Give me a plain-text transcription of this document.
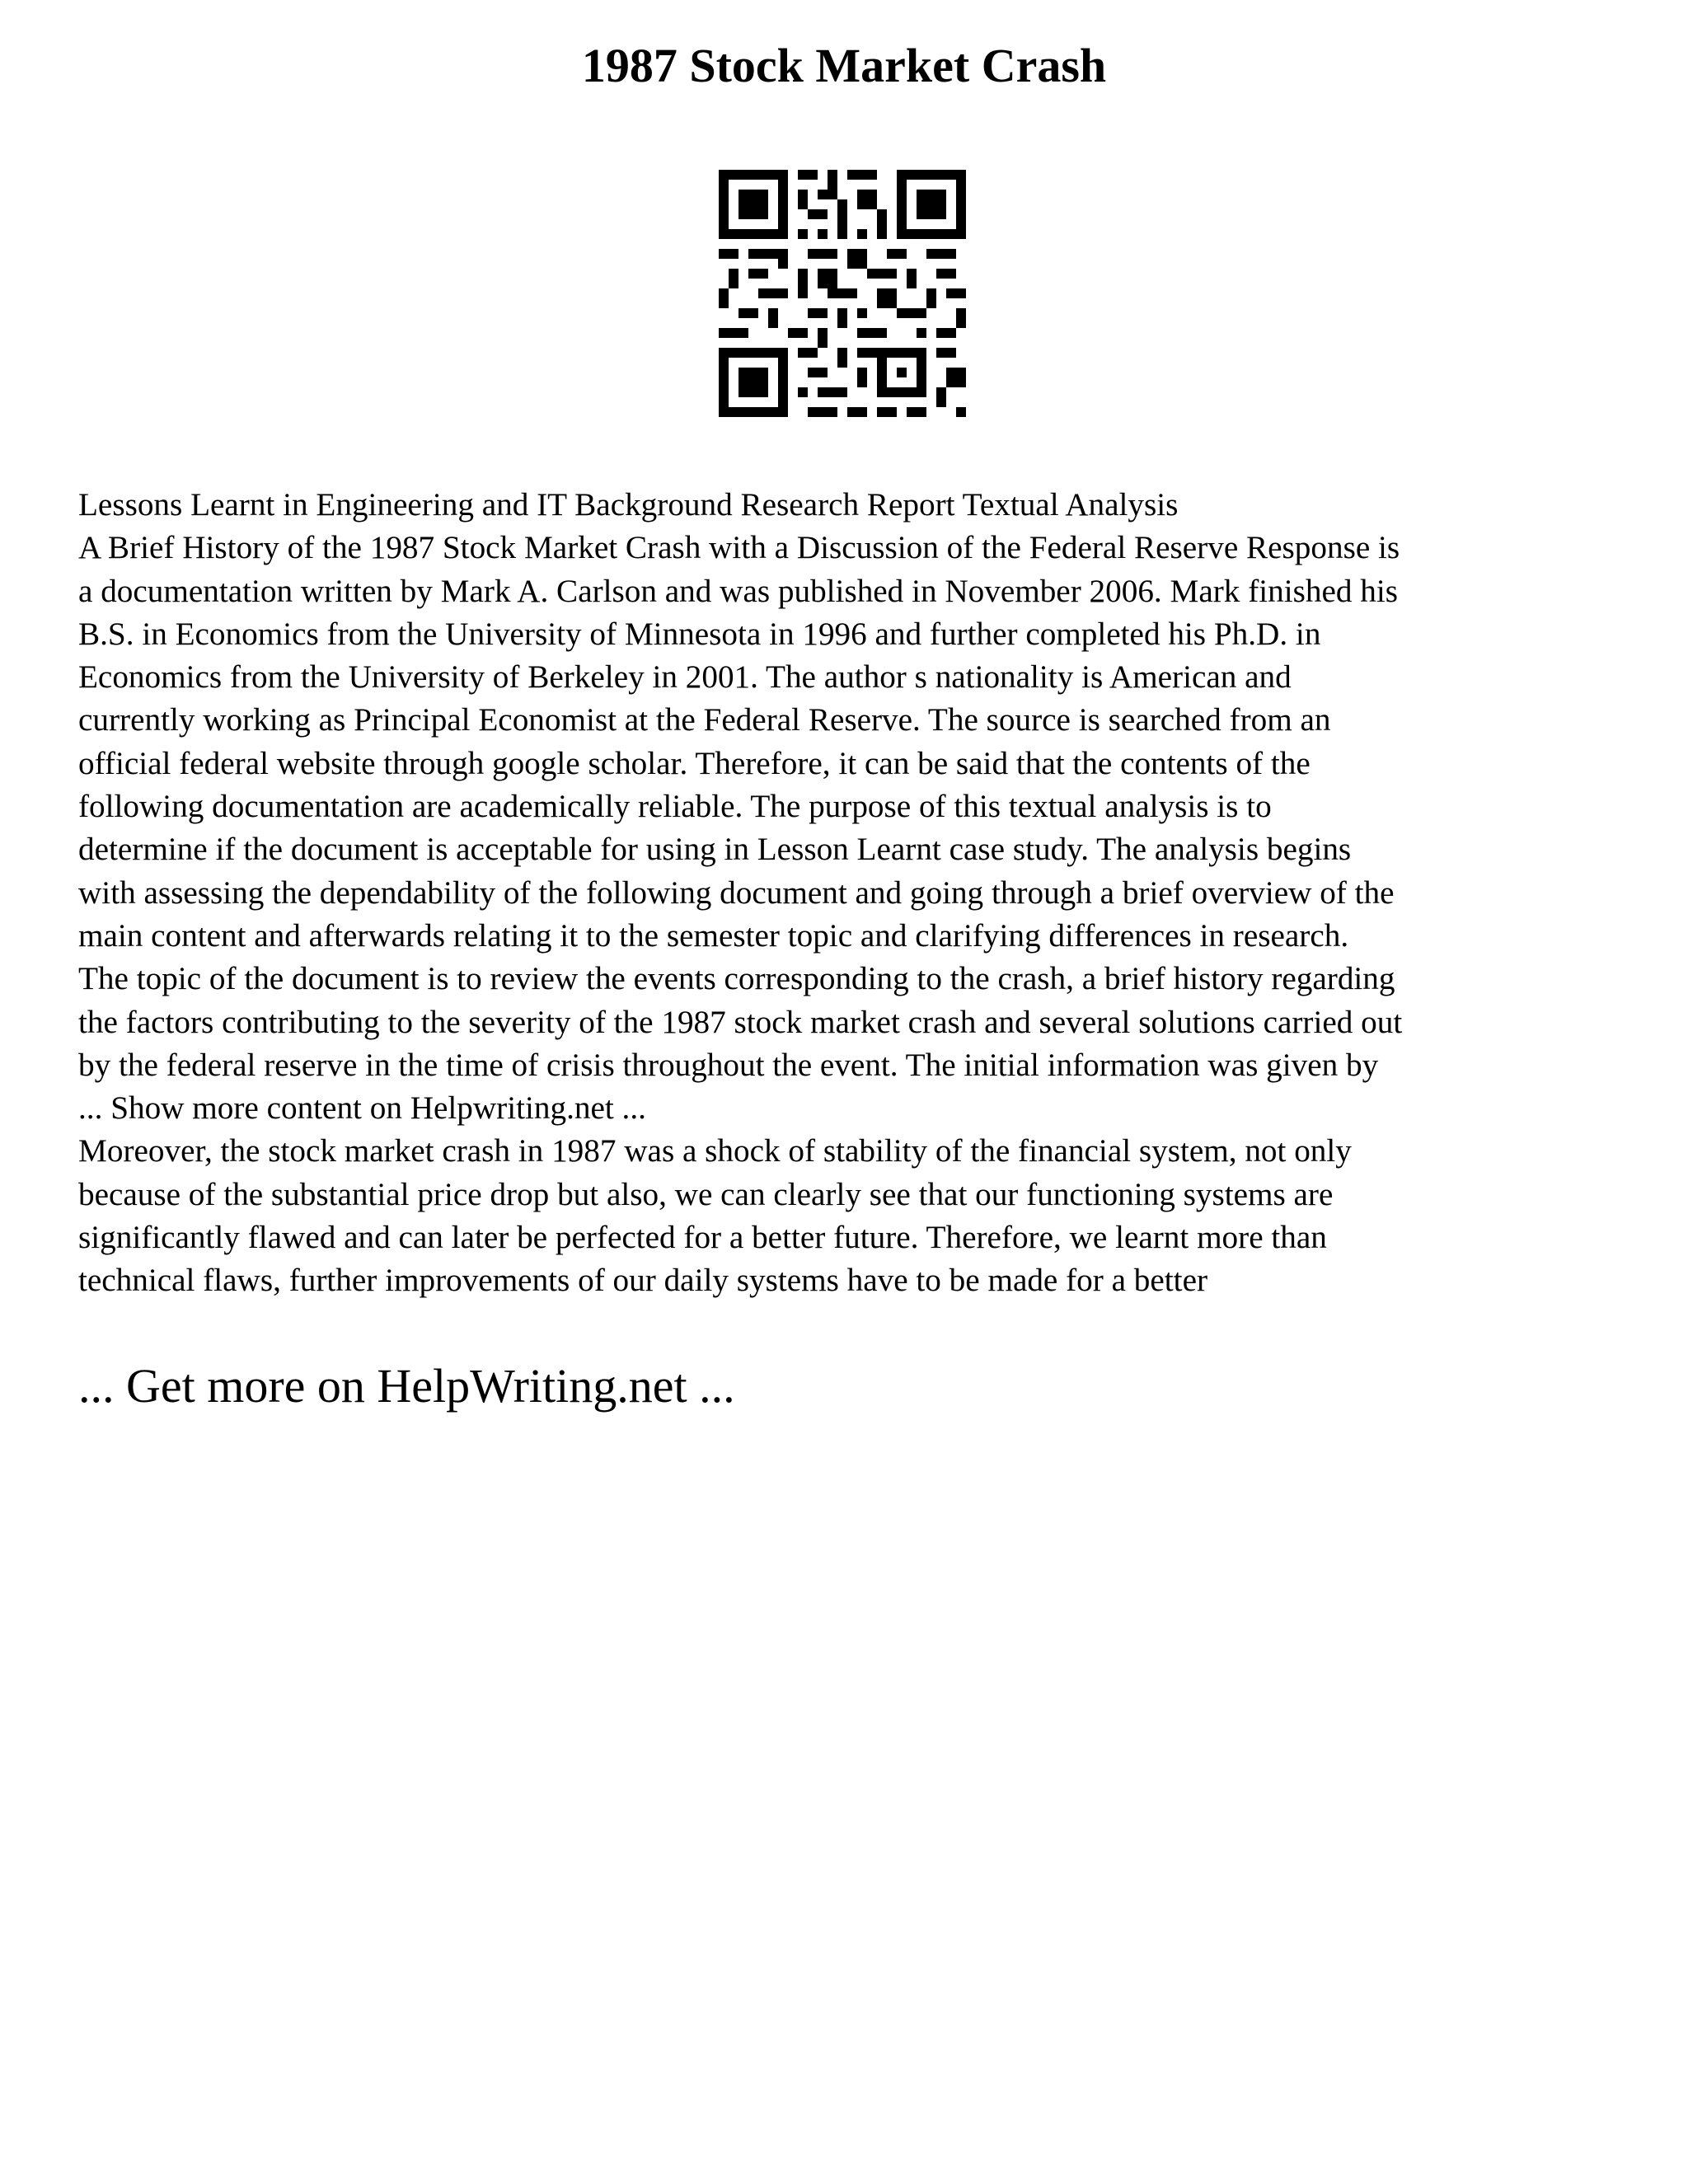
1987 Stock Market Crash

Lessons Learnt in Engineering and IT Background Research Report Textual Analysis

A Brief History of the 1987 Stock Market Crash with a Discussion of the Federal Reserve Response is

a documentation written by Mark A. Carlson and was published in November 2006. Mark finished his

B.S. in Economics from the University of Minnesota in 1996 and further completed his Ph.D. in

Economics from the University of Berkeley in 2001. The author s nationality is American and

currently working as Principal Economist at the Federal Reserve. The source is searched from an

official federal website through google scholar. Therefore, it can be said that the contents of the

following documentation are academically reliable. The purpose of this textual analysis is to

determine if the document is acceptable for using in Lesson Learnt case study. The analysis begins

with assessing the dependability of the following document and going through a brief overview of the

main content and afterwards relating it to the semester topic and clarifying differences in research.

The topic of the document is to review the events corresponding to the crash, a brief history regarding

the factors contributing to the severity of the 1987 stock market crash and several solutions carried out

by the federal reserve in the time of crisis throughout the event. The initial information was given by

... Show more content on Helpwriting.net ...

Moreover, the stock market crash in 1987 was a shock of stability of the financial system, not only

because of the substantial price drop but also, we can clearly see that our functioning systems are

significantly flawed and can later be perfected for a better future. Therefore, we learnt more than

technical flaws, further improvements of our daily systems have to be made for a better

... Get more on HelpWriting.net ...
